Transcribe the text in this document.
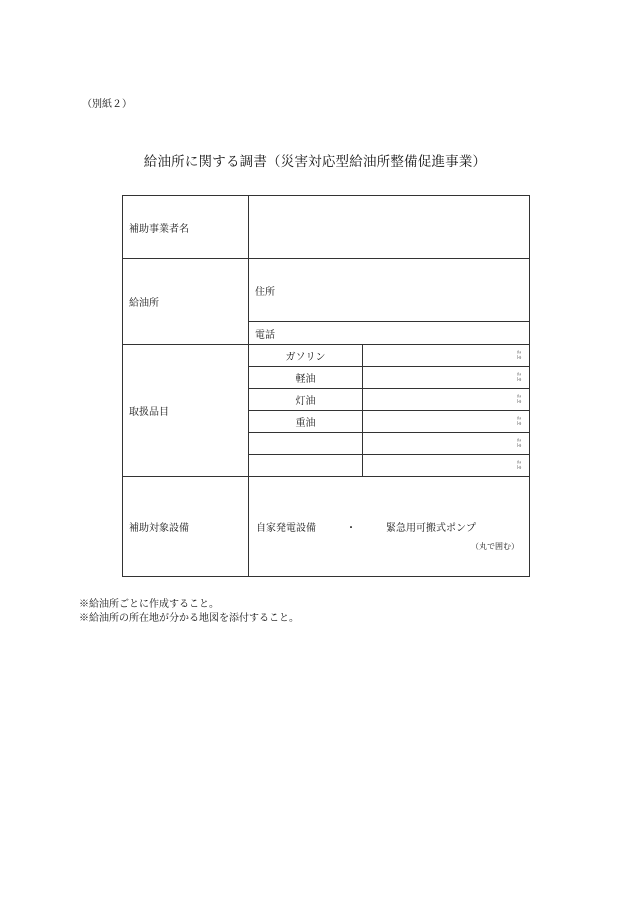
（別紙２）
給油所に関する調書（災害対応型給油所整備促進事業）
補助事業者名		
給油所	住所	
	電話	
取扱品目	ガソリン	ﾘｯﾄﾙ

	軽油	ﾘｯﾄﾙ

	灯油	ﾘｯﾄﾙ

	重油	ﾘｯﾄﾙ

		ﾘｯﾄﾙ

		ﾘｯﾄﾙ

補助対象設備	自家発電設備 ・ 緊急用可搬式ポンプ
（丸で囲む）	
※給油所ごとに作成すること。
※給油所の所在地が分かる地図を添付すること。
